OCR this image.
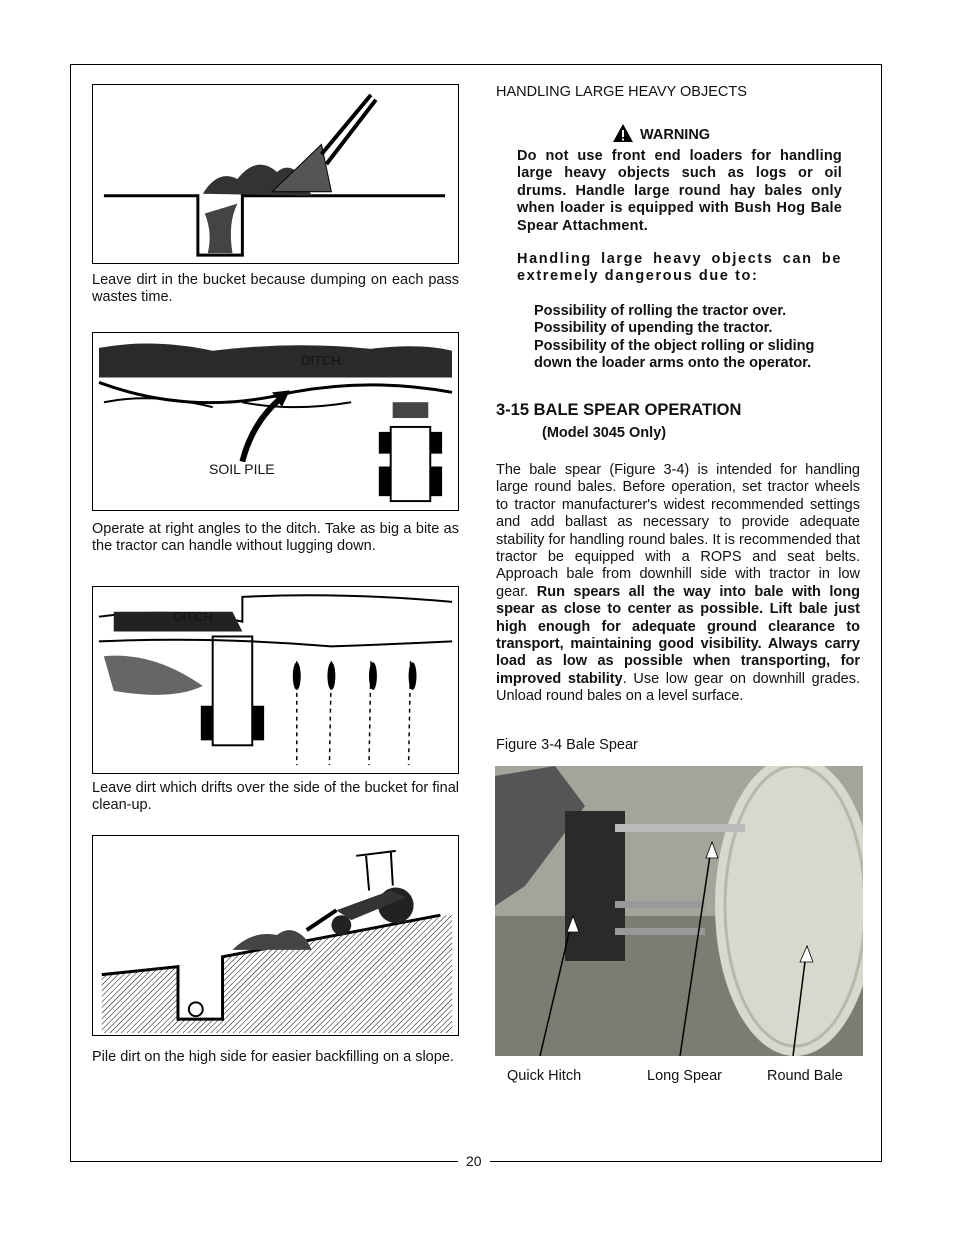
Leave dirt in the bucket because dumping on each pass wastes time.
DITCH
SOIL PILE
Operate at right angles to the ditch. Take as big a bite as the tractor can handle without lugging down.
DITCH
Leave dirt which drifts over the side of the bucket for final clean-up.
Pile dirt on the high side for easier backfilling on a slope.
HANDLING LARGE HEAVY OBJECTS
WARNING
Do not use front end loaders for handling large heavy objects such as logs or oil drums. Handle large round hay bales only when loader is equipped with Bush Hog Bale Spear Attachment.
Handling large heavy objects can be extremely dangerous due to:
Possibility of rolling the tractor over.
Possibility of upending the tractor.
Possibility of the object rolling or sliding down the loader arms onto the operator.
3-15 BALE SPEAR OPERATION
(Model 3045 Only)
The bale spear (Figure 3-4) is intended for handling large round bales. Before operation, set tractor wheels to tractor manufacturer's widest recommended settings and add ballast as necessary to provide adequate stability for handling round bales. It is recommended that tractor be equipped with a ROPS and seat belts. Approach bale from downhill side with tractor in low gear. Run spears all the way into bale with long spear as close to center as possible. Lift bale just high enough for adequate ground clearance to transport, maintaining good visibility. Always carry load as low as possible when transporting, for improved stability. Use low gear on downhill grades. Unload round bales on a level surface.
Figure 3-4 Bale Spear
Quick Hitch	Long Spear	Round Bale
20
